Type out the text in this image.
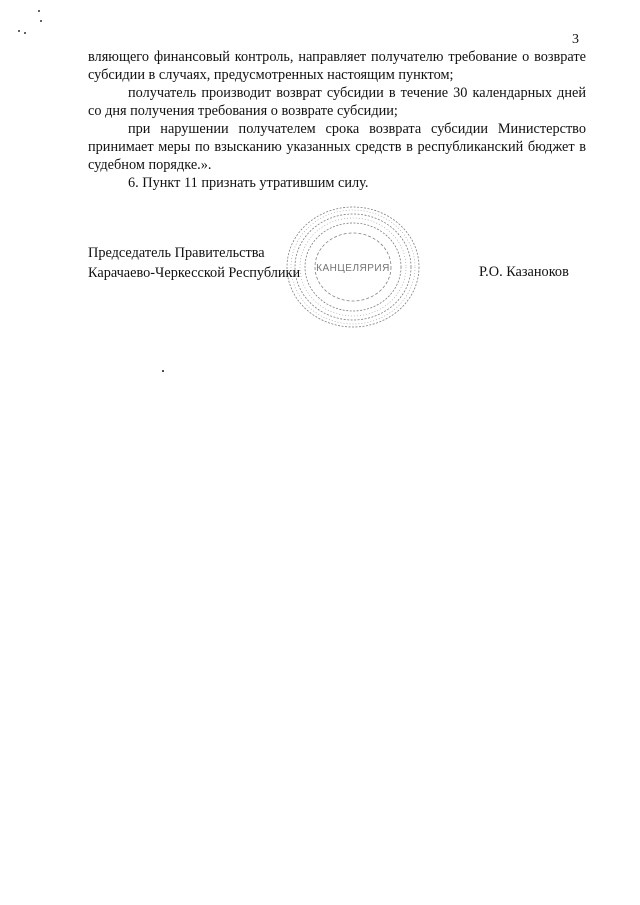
3

вляющего финансовый контроль, направляет получателю требование о возврате субсидии в случаях, предусмотренных настоящим пунктом;

получатель производит возврат субсидии в течение 30 календарных дней со дня получения требования о возврате субсидии;

при нарушении получателем срока возврата субсидии Министерство принимает меры по взысканию указанных средств в республиканский бюджет в судебном порядке.».

6. Пункт 11 признать утратившим силу.

КАНЦЕЛЯРИЯ
Председатель Правительства
Карачаево-Черкесской Республики	Р.О. Казаноков
